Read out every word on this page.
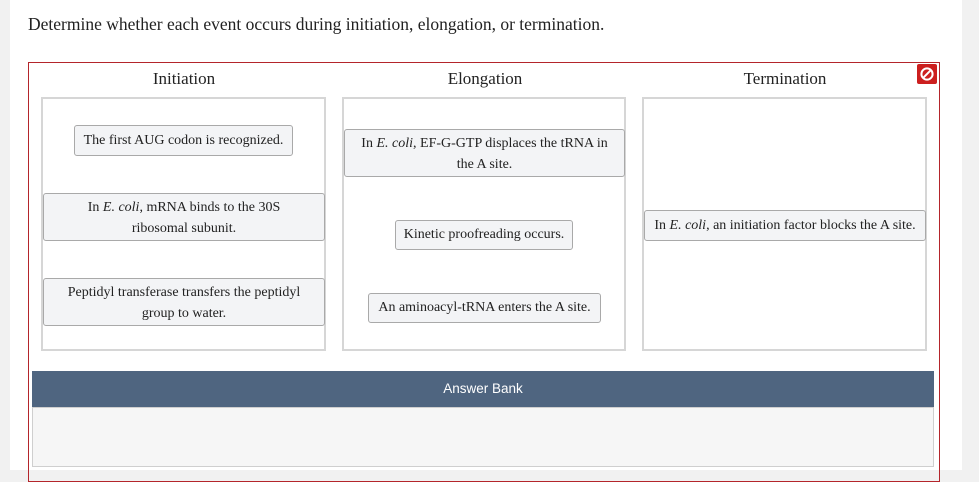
Determine whether each event occurs during initiation, elongation, or termination.
Initiation
The first AUG codon is recognized.
In E. coli, mRNA binds to the 30S ribosomal subunit.
Peptidyl transferase transfers the peptidyl group to water.
Elongation
In E. coli, EF-G-GTP displaces the tRNA in the A site.
Kinetic proofreading occurs.
An aminoacyl-tRNA enters the A site.
Termination
In E. coli, an initiation factor blocks the A site.
Answer Bank
